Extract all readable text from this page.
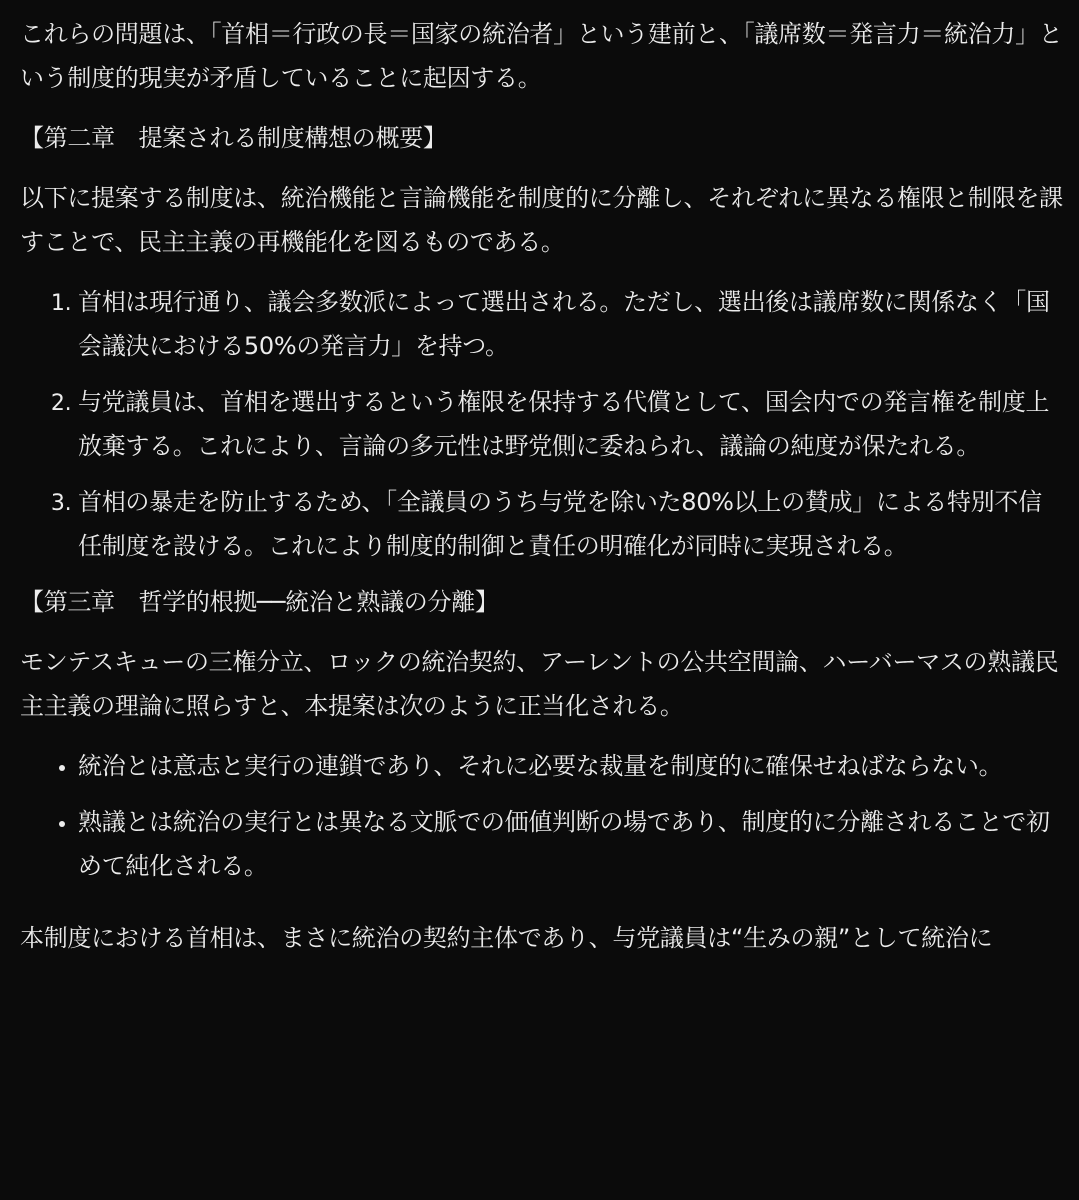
これらの問題は、「首相＝行政の長＝国家の統治者」という建前と、「議席数＝発言力＝統治力」という制度的現実が矛盾していることに起因する。

【第二章　提案される制度構想の概要】

以下に提案する制度は、統治機能と言論機能を制度的に分離し、それぞれに異なる権限と制限を課すことで、民主主義の再機能化を図るものである。

1. 首相は現行通り、議会多数派によって選出される。ただし、選出後は議席数に関係なく「国会議決における50%の発言力」を持つ。
2. 与党議員は、首相を選出するという権限を保持する代償として、国会内での発言権を制度上放棄する。これにより、言論の多元性は野党側に委ねられ、議論の純度が保たれる。
3. 首相の暴走を防止するため、「全議員のうち与党を除いた80%以上の賛成」による特別不信任制度を設ける。これにより制度的制御と責任の明確化が同時に実現される。

【第三章　哲学的根拠──統治と熟議の分離】

モンテスキューの三権分立、ロックの統治契約、アーレントの公共空間論、ハーバーマスの熟議民主主義の理論に照らすと、本提案は次のように正当化される。

• 統治とは意志と実行の連鎖であり、それに必要な裁量を制度的に確保せねばならない。
• 熟議とは統治の実行とは異なる文脈での価値判断の場であり、制度的に分離されることで初めて純化される。

本制度における首相は、まさに統治の契約主体であり、与党議員は“生みの親”として統治に
